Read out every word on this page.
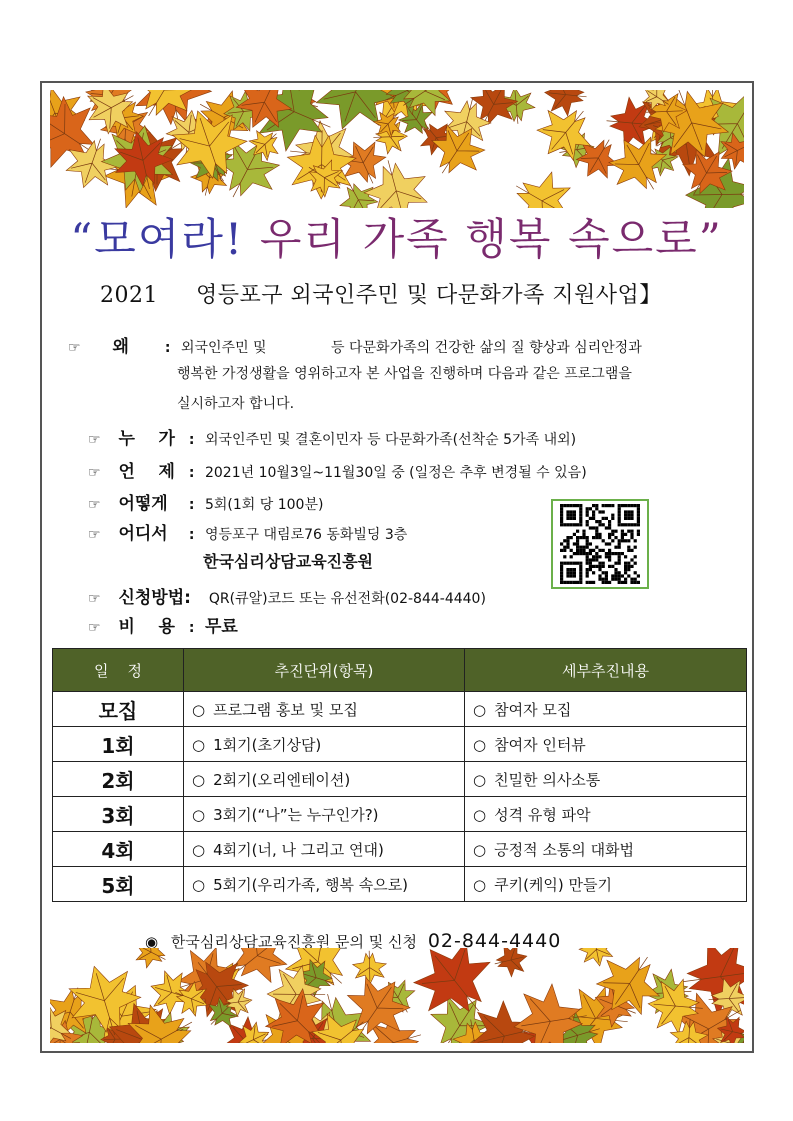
“모여라! 우리 가족 행복 속으로”
2021 영등포구 외국인주민 및 다문화가족 지원사업】
☞ 왜	: 외국인주민 및	등 다문화가족의 건강한 삶의 질 향상과 심리안정과
행복한 가정생활을 영위하고자 본 사업을 진행하며 다음과 같은 프로그램을
실시하고자 합니다.
☞ 누    가 : 외국인주민 및 결혼이민자 등 다문화가족(선착순 5가족 내외)
☞ 언    제 : 2021년 10월3일~11월30일 중 (일정은 추후 변경될 수 있음)
☞ 어떻게 : 5회(1회 당 100분)
☞ 어디서 : 영등포구 대림로76 동화빌딩 3층
한국심리상담교육진흥원
☞ 신청방법: QR(큐알)코드 또는 유선전화(02-844-4440)
☞ 비    용 : 무료
일    정	추진단위(항목)	세부추진내용
모집	○ 프로그램 홍보 및 모집	○ 참여자 모집
1회	○ 1회기(초기상담)	○ 참여자 인터뷰
2회	○ 2회기(오리엔테이션)	○ 친밀한 의사소통
3회	○ 3회기(“나”는 누구인가?)	○ 성격 유형 파악
4회	○ 4회기(너, 나 그리고 연대)	○ 긍정적 소통의 대화법
5회	○ 5회기(우리가족, 행복 속으로)	○ 쿠키(케익) 만들기
◉ 한국심리상담교육진흥원 문의 및 신청 02-844-4440
